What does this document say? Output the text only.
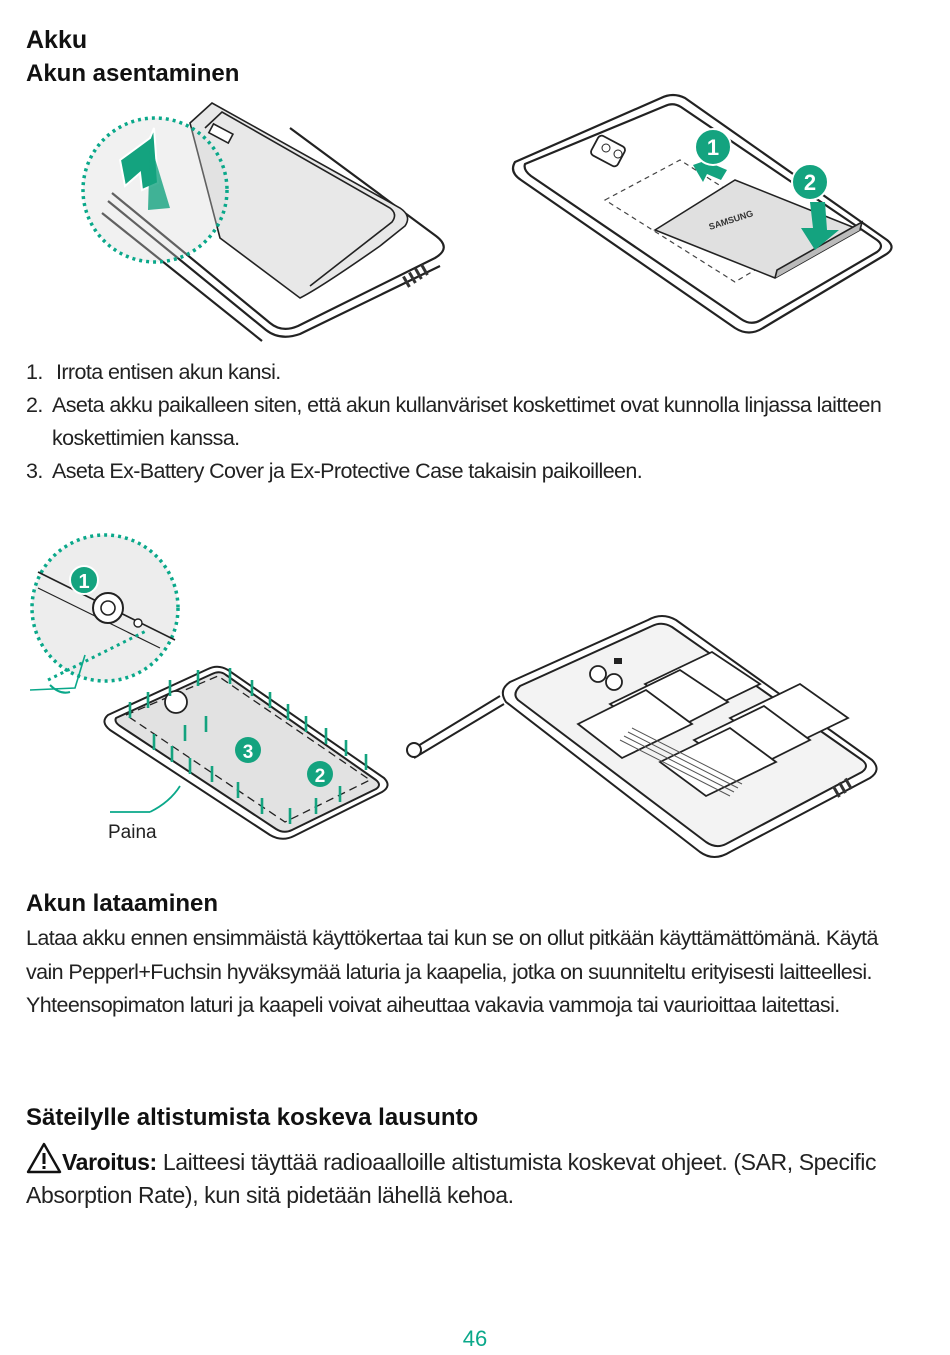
Akku
Akun asentaminen
SAMSUNG
1
2
1. Irrota entisen akun kansi.
2. Aseta akku paikalleen siten, että akun kullanväriset koskettimet ovat kunnolla linjassa laitteen koskettimien kanssa.
3. Aseta Ex-Battery Cover ja Ex-Protective Case takaisin paikoilleen.
3
2
1
Paina
Akun lataaminen
Lataa akku ennen ensimmäistä käyttökertaa tai kun se on ollut pitkään käyttämättömänä. Käytä vain Pepperl+Fuchsin hyväksymää laturia ja kaapelia, jotka on suunniteltu erityisesti laitteellesi. Yhteensopimaton laturi ja kaapeli voivat aiheuttaa vakavia vammoja tai vaurioittaa laitettasi.
Säteilylle altistumista koskeva lausunto
Varoitus: Laitteesi täyttää radioaalloille altistumista koskevat ohjeet. (SAR, Specific Absorption Rate), kun sitä pidetään lähellä kehoa.
46
